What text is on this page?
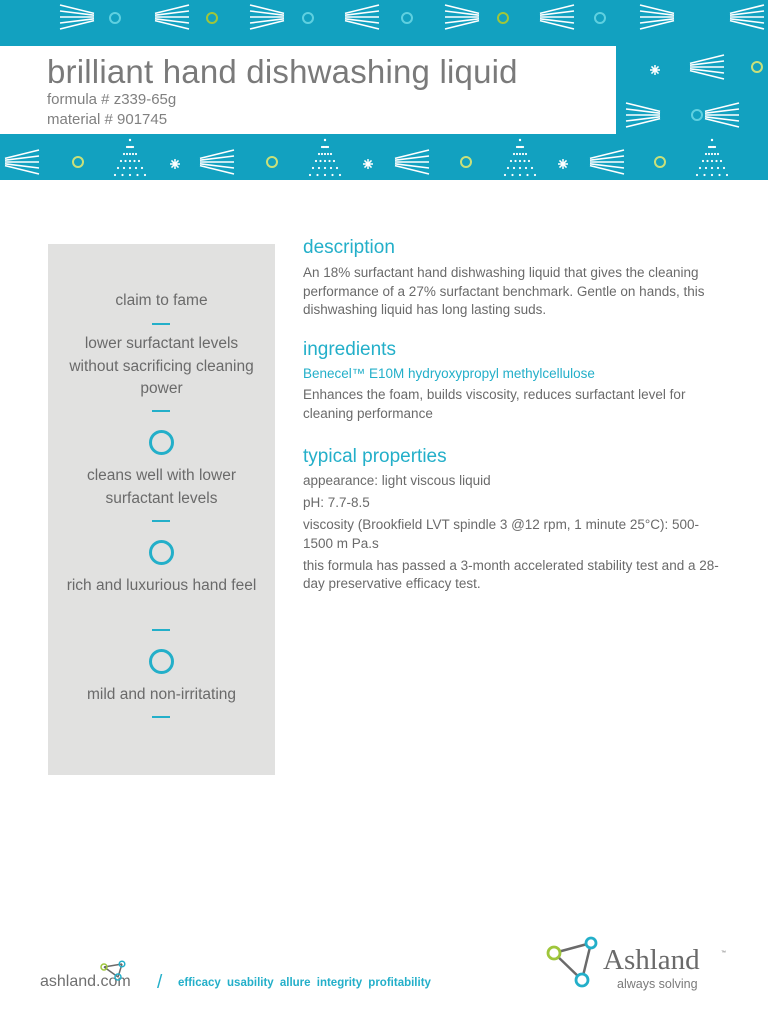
brilliant hand dishwashing liquid
formula # z339-65g
material # 901745
claim to fame
lower surfactant levels without sacrificing cleaning power
cleans well with lower surfactant levels
rich and luxurious hand feel
mild and non-irritating
description
An 18% surfactant hand dishwashing liquid that gives the cleaning performance of a 27% surfactant benchmark. Gentle on hands, this dishwashing liquid has long lasting suds.
ingredients
Benecel™ E10M hydryoxypropyl methylcellulose
Enhances the foam, builds viscosity, reduces surfactant level for cleaning performance
typical properties
appearance: light viscous liquid
pH: 7.7-8.5
viscosity (Brookfield LVT spindle 3 @12 rpm, 1 minute 25°C): 500-1500 m Pa.s
this formula has passed a 3-month accelerated stability test and a 28-day preservative efficacy test.
ashland.com / efficacy usability allure integrity profitability
Ashland	™
always solving
